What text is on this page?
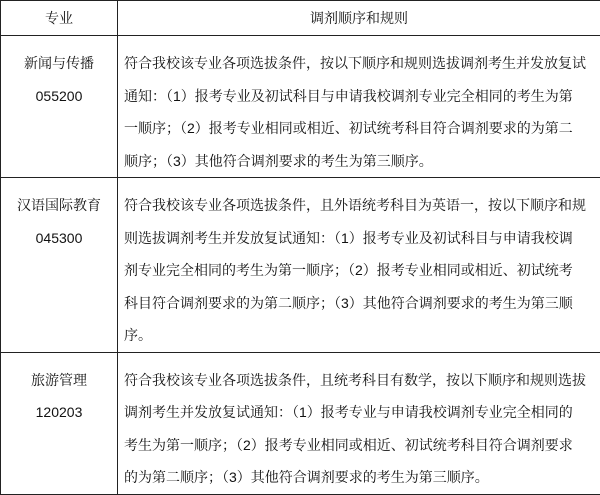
专业	调剂顺序和规则

新闻与传播
055200	符合我校该专业各项选拔条件，按以下顺序和规则选拔调剂考生并发放复试
通知：（1）报考专业及初试科目与申请我校调剂专业完全相同的考生为第
一顺序；（2）报考专业相同或相近、初试统考科目符合调剂要求的为第二
顺序；（3）其他符合调剂要求的考生为第三顺序。

汉语国际教育
045300	符合我校该专业各项选拔条件，且外语统考科目为英语一，按以下顺序和规
则选拔调剂考生并发放复试通知：（1）报考专业及初试科目与申请我校调
剂专业完全相同的考生为第一顺序；（2）报考专业相同或相近、初试统考
科目符合调剂要求的为第二顺序；（3）其他符合调剂要求的考生为第三顺
序。

旅游管理
120203	符合我校该专业各项选拔条件，且统考科目有数学，按以下顺序和规则选拔
调剂考生并发放复试通知：（1）报考专业与申请我校调剂专业完全相同的
考生为第一顺序；（2）报考专业相同或相近、初试统考科目符合调剂要求
的为第二顺序；（3）其他符合调剂要求的考生为第三顺序。
